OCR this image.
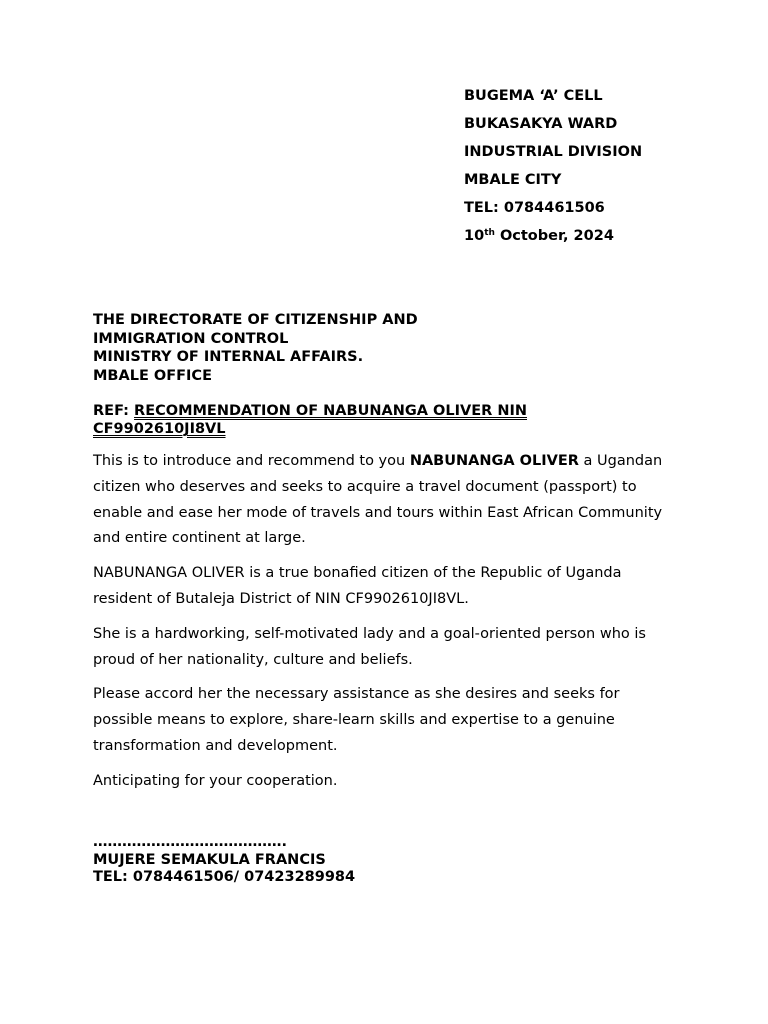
BUGEMA ‘A’ CELL
BUKASAKYA WARD
INDUSTRIAL DIVISION
MBALE CITY
TEL: 0784461506
10th October, 2024
THE DIRECTORATE OF CITIZENSHIP AND
IMMIGRATION CONTROL
MINISTRY OF INTERNAL AFFAIRS.
MBALE OFFICE
REF: RECOMMENDATION OF NABUNANGA OLIVER NIN
CF9902610JI8VL

This is to introduce and recommend to you NABUNANGA OLIVER a Ugandan citizen who deserves and seeks to acquire a travel document (passport) to enable and ease her mode of travels and tours within East African Community and entire continent at large.

NABUNANGA OLIVER is a true bonafied citizen of the Republic of Uganda resident of Butaleja District of NIN CF9902610JI8VL.

She is a hardworking, self-motivated lady and a goal-oriented person who is proud of her nationality, culture and beliefs.

Please accord her the necessary assistance as she desires and seeks for possible means to explore, share-learn skills and expertise to a genuine transformation and development.

Anticipating for your cooperation.

………………………………….
MUJERE SEMAKULA FRANCIS
TEL: 0784461506/ 07423289984
